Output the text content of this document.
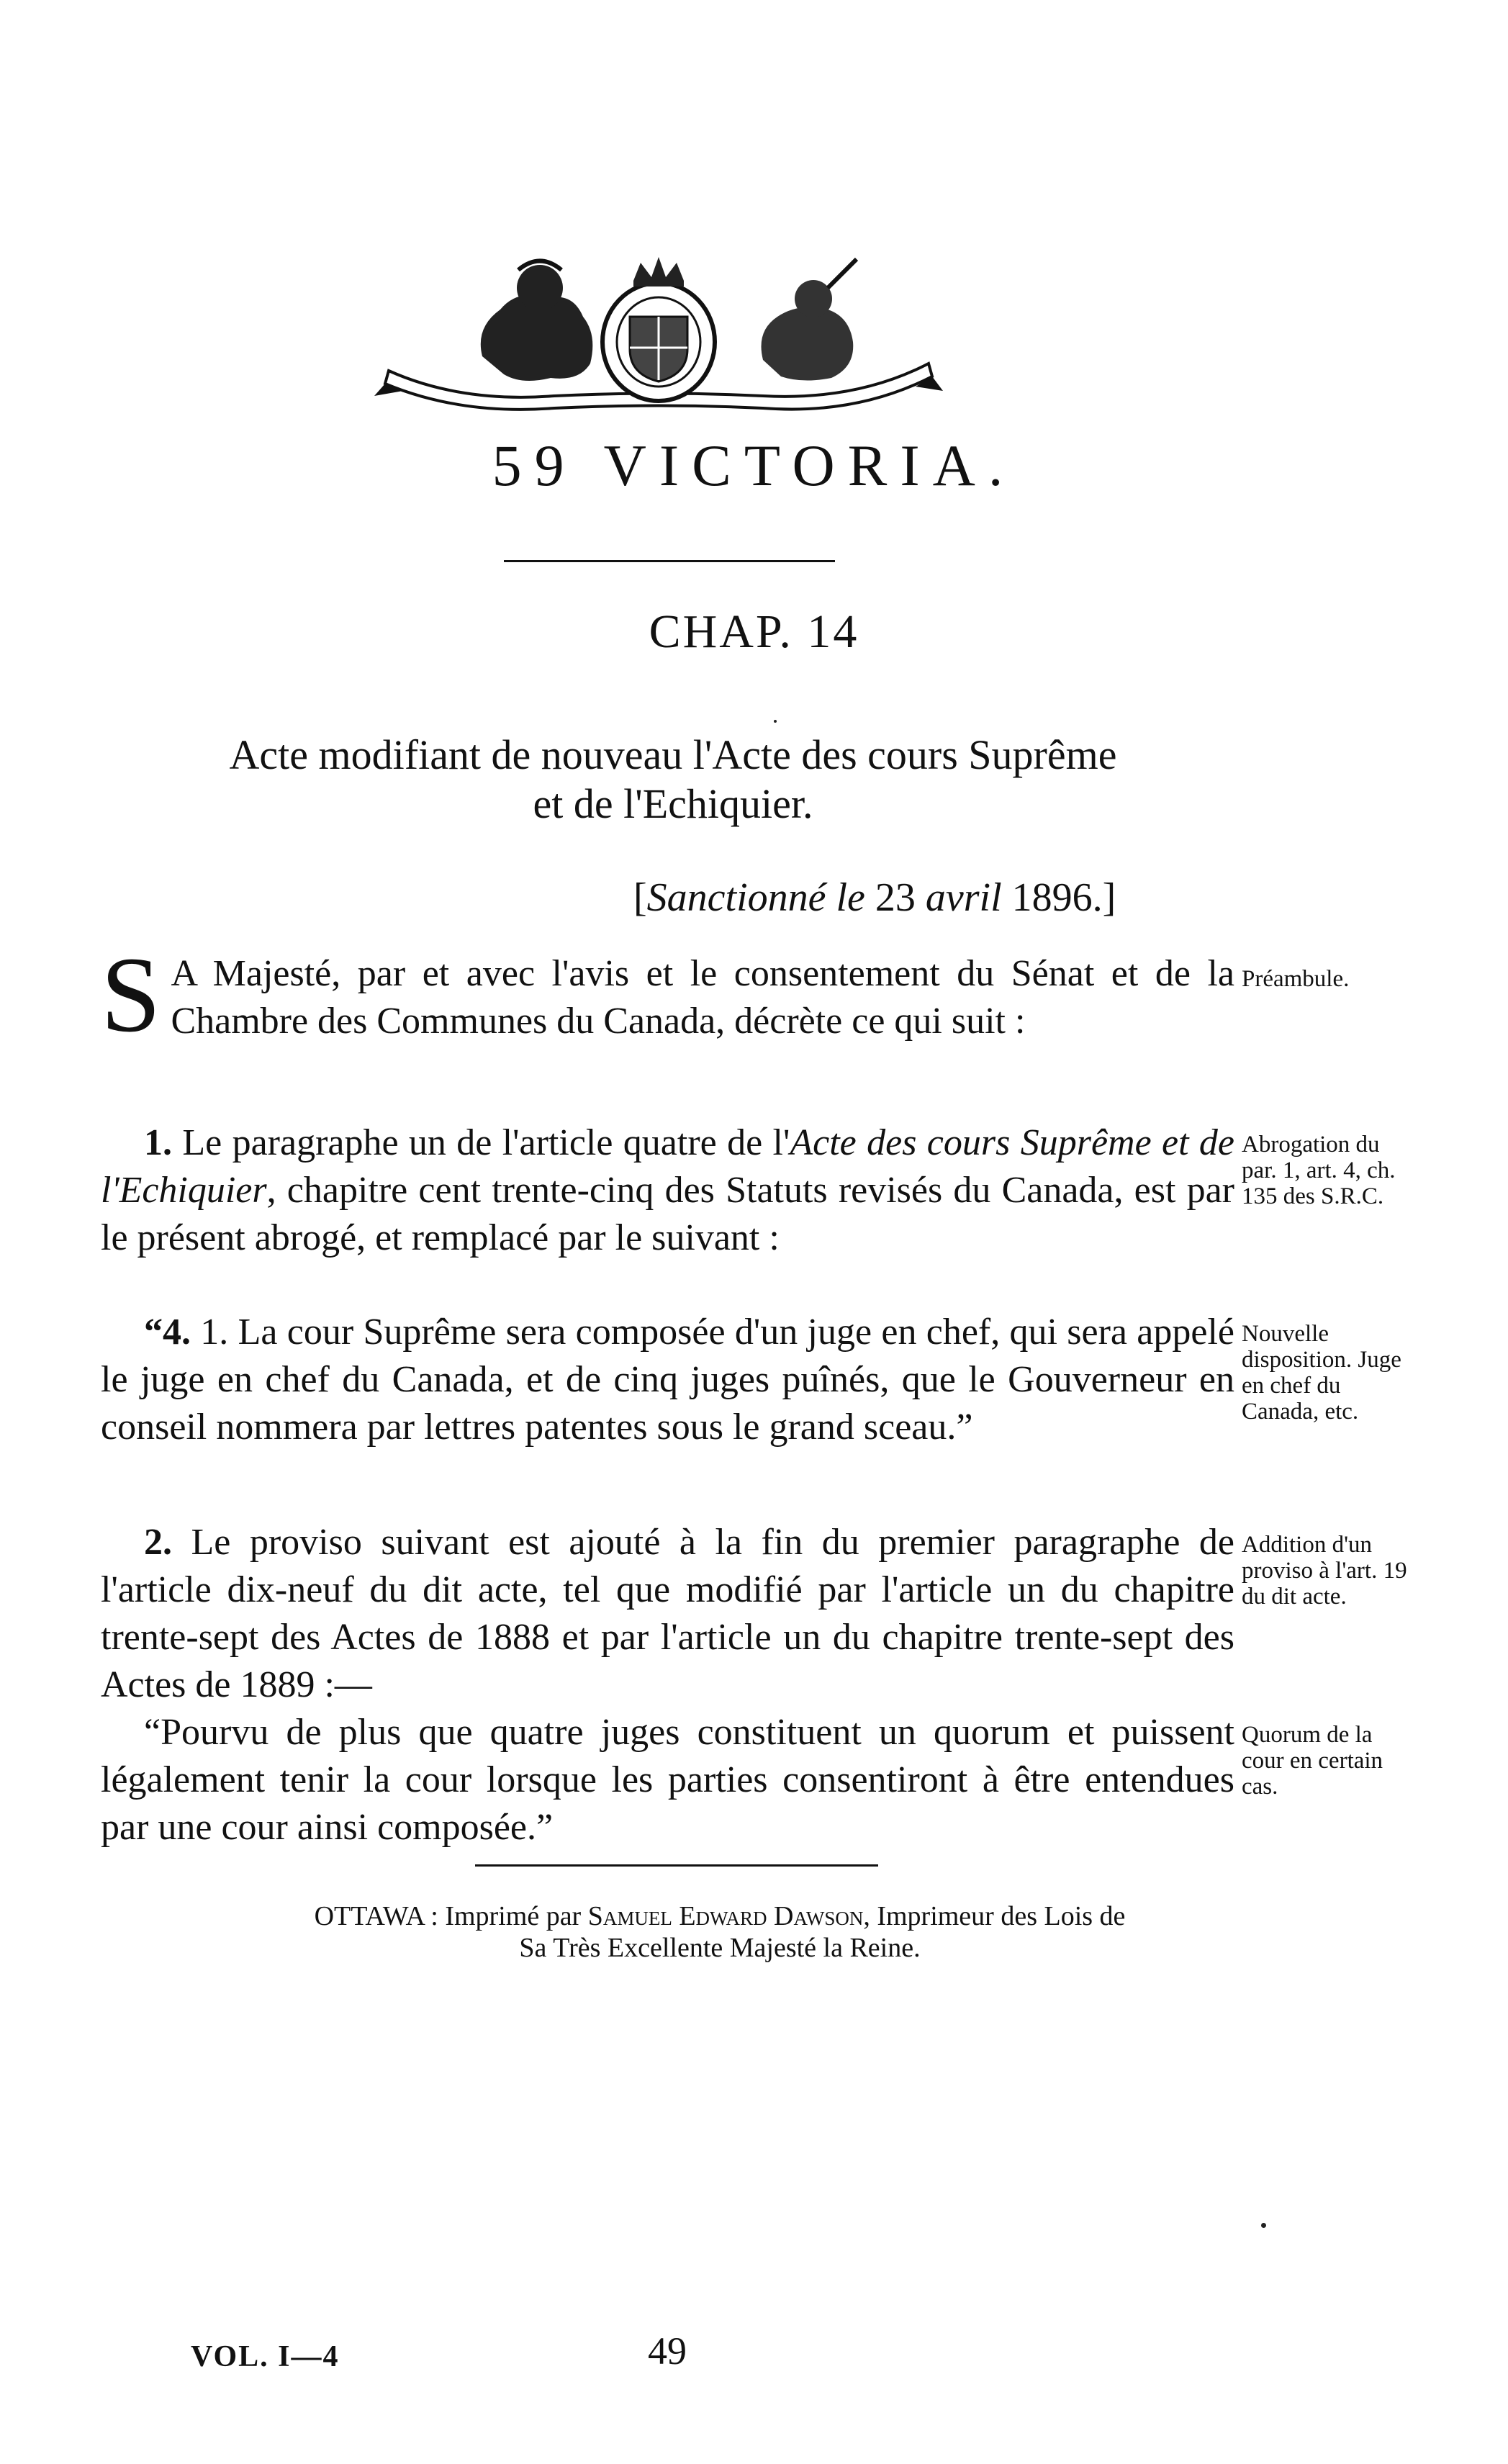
59 VICTORIA.
CHAP. 14
Acte modifiant de nouveau l'Acte des cours Suprême
et de l'Echiquier.
[Sanctionné le 23 avril 1896.]
S A Majesté, par et avec l'avis et le consentement du Sénat et de la Chambre des Communes du Canada, décrète ce qui suit :
Préambule.
1. Le paragraphe un de l'article quatre de l'Acte des cours Suprême et de l'Echiquier, chapitre cent trente-cinq des Statuts revisés du Canada, est par le présent abrogé, et remplacé par le suivant :
Abrogation du par. 1, art. 4, ch. 135 des S.R.C.
“4. 1. La cour Suprême sera composée d'un juge en chef, qui sera appelé le juge en chef du Canada, et de cinq juges puînés, que le Gouverneur en conseil nommera par lettres patentes sous le grand sceau.”
Nouvelle disposition. Juge en chef du Canada, etc.
2. Le proviso suivant est ajouté à la fin du premier paragraphe de l'article dix-neuf du dit acte, tel que modifié par l'article un du chapitre trente-sept des Actes de 1888 et par l'article un du chapitre trente-sept des Actes de 1889 :—
Addition d'un proviso à l'art. 19 du dit acte.
“Pourvu de plus que quatre juges constituent un quorum et puissent légalement tenir la cour lorsque les parties consentiront à être entendues par une cour ainsi composée.”
Quorum de la cour en certain cas.
OTTAWA : Imprimé par Samuel Edward Dawson, Imprimeur des Lois de
Sa Très Excellente Majesté la Reine.
VOL. I—4	49
